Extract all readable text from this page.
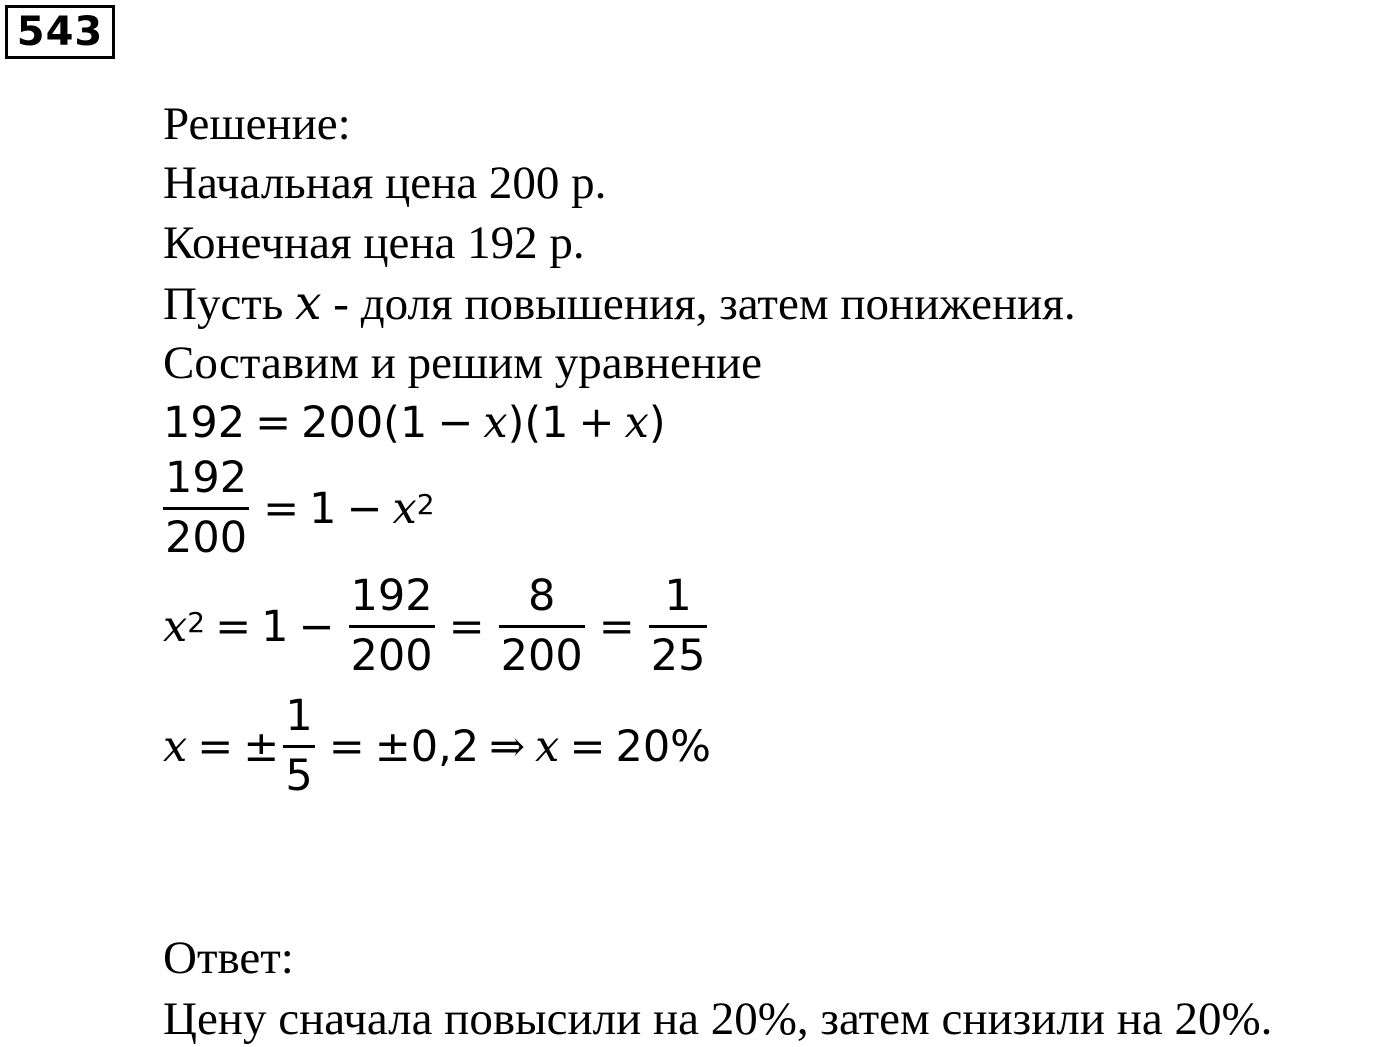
543
Решение:
Начальная цена 200 р.
Конечная цена 192 р.
Пусть x - доля повышения, затем понижения.
Составим и решим уравнение
192 = 200(1 − x )(1 + x )
$\frac{192}{200} = 1 - x^2$
$x^2 = 1 - \frac{192}{200} = \frac{8}{200} = \frac{1}{25}$
x = ± $\frac{1}{5} = \pm 0,2$ ⇒ x = 20%
Ответ:
Цену сначала повысили на 20%, затем снизили на 20%.
